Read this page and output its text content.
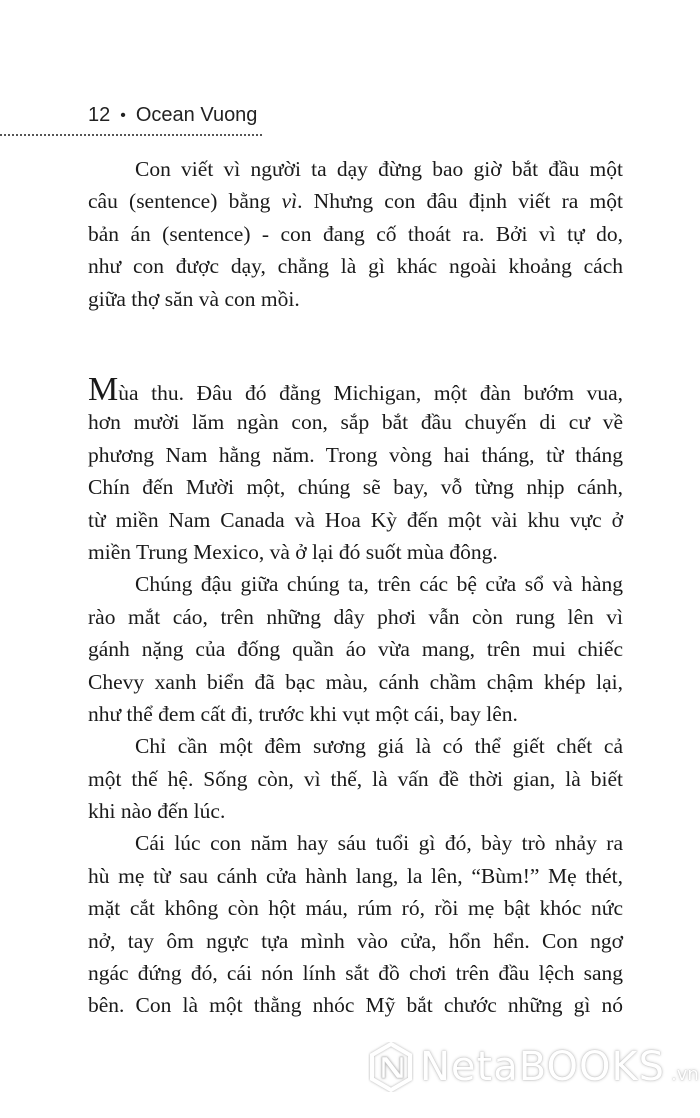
12 • Ocean Vuong
Con viết vì người ta dạy đừng bao giờ bắt đầu một
câu (sentence) bằng vì. Nhưng con đâu định viết ra một
bản án (sentence) - con đang cố thoát ra. Bởi vì tự do,
như con được dạy, chẳng là gì khác ngoài khoảng cách
giữa thợ săn và con mồi.
Mùa thu. Đâu đó đằng Michigan, một đàn bướm vua,
hơn mười lăm ngàn con, sắp bắt đầu chuyến di cư về
phương Nam hằng năm. Trong vòng hai tháng, từ tháng
Chín đến Mười một, chúng sẽ bay, vỗ từng nhịp cánh,
từ miền Nam Canada và Hoa Kỳ đến một vài khu vực ở
miền Trung Mexico, và ở lại đó suốt mùa đông.
Chúng đậu giữa chúng ta, trên các bệ cửa sổ và hàng
rào mắt cáo, trên những dây phơi vẫn còn rung lên vì
gánh nặng của đống quần áo vừa mang, trên mui chiếc
Chevy xanh biển đã bạc màu, cánh chầm chậm khép lại,
như thể đem cất đi, trước khi vụt một cái, bay lên.
Chỉ cần một đêm sương giá là có thể giết chết cả
một thế hệ. Sống còn, vì thế, là vấn đề thời gian, là biết
khi nào đến lúc.
Cái lúc con năm hay sáu tuổi gì đó, bày trò nhảy ra
hù mẹ từ sau cánh cửa hành lang, la lên, “Bùm!” Mẹ thét,
mặt cắt không còn hột máu, rúm ró, rồi mẹ bật khóc nức
nở, tay ôm ngực tựa mình vào cửa, hổn hển. Con ngơ
ngác đứng đó, cái nón lính sắt đồ chơi trên đầu lệch sang
bên. Con là một thằng nhóc Mỹ bắt chước những gì nó
NetaBOOKS .vn
